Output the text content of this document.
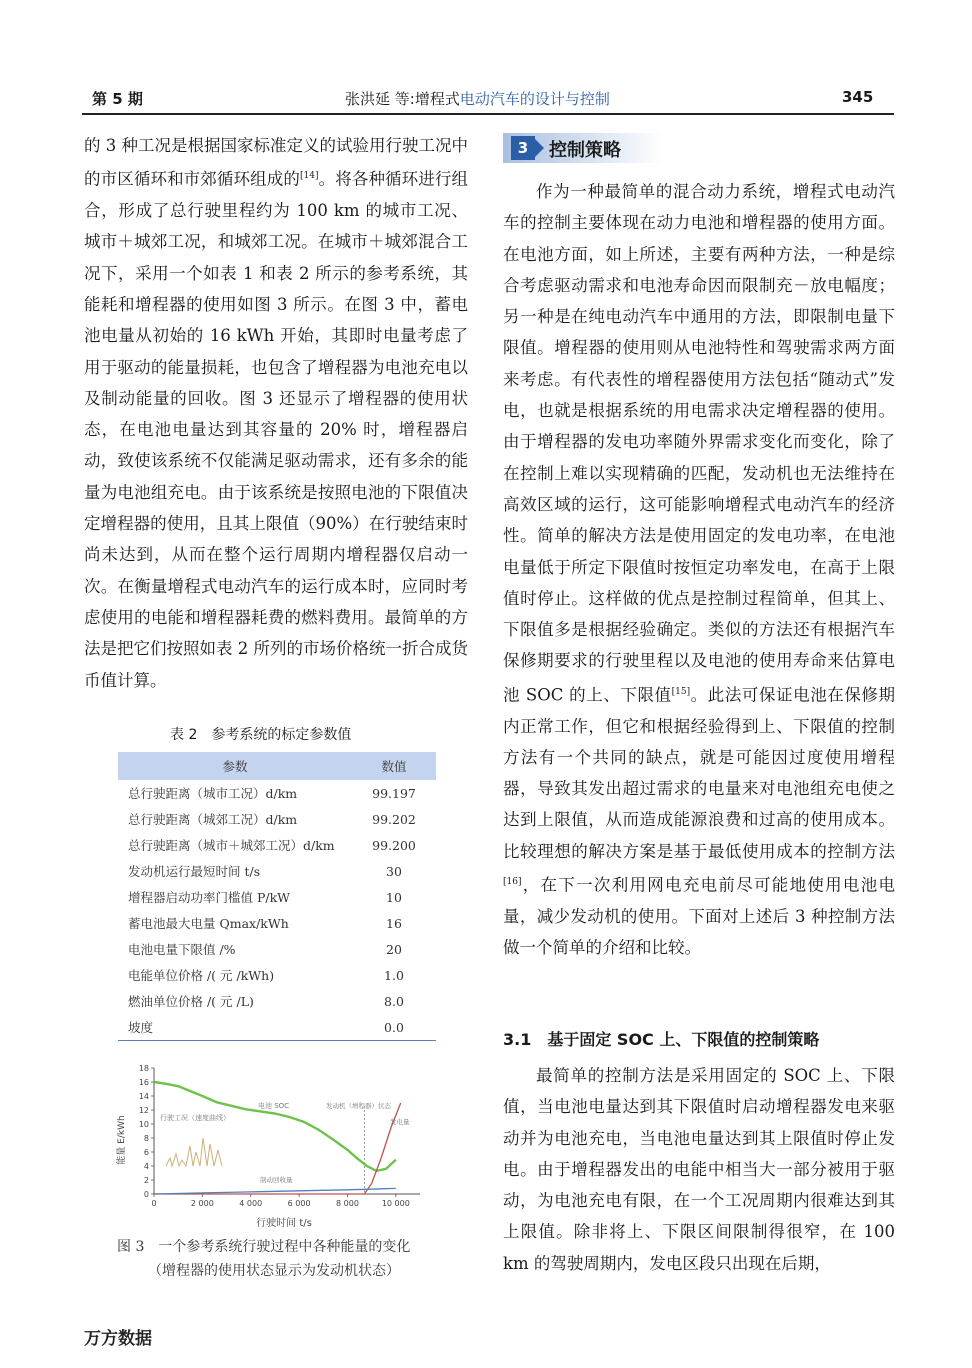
第 5 期	张洪延 等:增程式电动汽车的设计与控制	345

的 3 种工况是根据国家标准定义的试验用行驶工况中的市区循环和市郊循环组成的[14]。将各种循环进行组合，形成了总行驶里程约为 100 km 的城市工况、城市＋城郊工况，和城郊工况。在城市＋城郊混合工况下，采用一个如表 1 和表 2 所示的参考系统，其能耗和增程器的使用如图 3 所示。在图 3 中，蓄电池电量从初始的 16 kWh 开始，其即时电量考虑了用于驱动的能量损耗，也包含了增程器为电池充电以及制动能量的回收。图 3 还显示了增程器的使用状态，在电池电量达到其容量的 20% 时，增程器启动，致使该系统不仅能满足驱动需求，还有多余的能量为电池组充电。由于该系统是按照电池的下限值决定增程器的使用，且其上限值（90%）在行驶结束时尚未达到，从而在整个运行周期内增程器仅启动一次。在衡量增程式电动汽车的运行成本时，应同时考虑使用的电能和增程器耗费的燃料费用。最简单的方法是把它们按照如表 2 所列的市场价格统一折合成货币值计算。

表 2　参考系统的标定参数值
参数	数值
总行驶距离（城市工况）d/km	99.197
总行驶距离（城郊工况）d/km	99.202
总行驶距离（城市＋城郊工况）d/km	99.200
发动机运行最短时间 t/s	30
增程器启动功率门槛值 P/kW	10
蓄电池最大电量 Qmax/kWh	16
电池电量下限值 /%	20
电能单位价格 /( 元 /kWh)	1.0
燃油单位价格 /( 元 /L)	8.0
坡度	0.0
0
2
4
6
8
10
12
14
16
18
0	2 000	4 000	6 000	8 000	10 000
能量 E/kWh
行驶时间 t/s
电池 SOC
行驶工况（速度曲线）
发动机（增程器）状态
发电量
制动回收量
图 3　一个参考系统行驶过程中各种能量的变化
（增程器的使用状态显示为发动机状态）
3	控制策略

作为一种最简单的混合动力系统，增程式电动汽车的控制主要体现在动力电池和增程器的使用方面。在电池方面，如上所述，主要有两种方法，一种是综合考虑驱动需求和电池寿命因而限制充－放电幅度；另一种是在纯电动汽车中通用的方法，即限制电量下限值。增程器的使用则从电池特性和驾驶需求两方面来考虑。有代表性的增程器使用方法包括“随动式”发电，也就是根据系统的用电需求决定增程器的使用。由于增程器的发电功率随外界需求变化而变化，除了在控制上难以实现精确的匹配，发动机也无法维持在高效区域的运行，这可能影响增程式电动汽车的经济性。简单的解决方法是使用固定的发电功率，在电池电量低于所定下限值时按恒定功率发电，在高于上限值时停止。这样做的优点是控制过程简单，但其上、下限值多是根据经验确定。类似的方法还有根据汽车保修期要求的行驶里程以及电池的使用寿命来估算电池 SOC 的上、下限值[15]。此法可保证电池在保修期内正常工作，但它和根据经验得到上、下限值的控制方法有一个共同的缺点，就是可能因过度使用增程器，导致其发出超过需求的电量来对电池组充电使之达到上限值，从而造成能源浪费和过高的使用成本。比较理想的解决方案是基于最低使用成本的控制方法[16]，在下一次利用网电充电前尽可能地使用电池电量，减少发动机的使用。下面对上述后 3 种控制方法做一个简单的介绍和比较。

3.1　基于固定 SOC 上、下限值的控制策略

最简单的控制方法是采用固定的 SOC 上、下限值，当电池电量达到其下限值时启动增程器发电来驱动并为电池充电，当电池电量达到其上限值时停止发电。由于增程器发出的电能中相当大一部分被用于驱动，为电池充电有限，在一个工况周期内很难达到其上限值。除非将上、下限区间限制得很窄，在 100 km 的驾驶周期内，发电区段只出现在后期，

万方数据
